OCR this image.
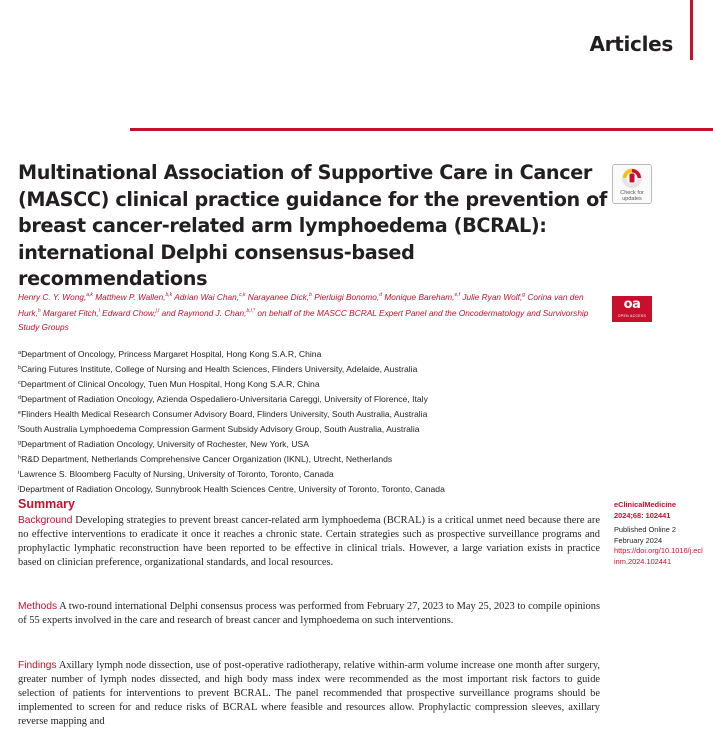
Articles
Multinational Association of Supportive Care in Cancer (MASCC) clinical practice guidance for the prevention of breast cancer-related arm lymphoedema (BCRAL): international Delphi consensus-based recommendations
Check for updates
Henry C. Y. Wong,$^{a,k}$ Matthew P. Wallen,$^{b,k}$ Adrian Wai Chan,$^{c,k}$ Narayanee Dick,$^b$ Pierluigi Bonomo,$^d$ Monique Bareham,$^{e,f}$ Julie Ryan Wolf,$^g$ Corina van den Hurk,$^h$ Margaret Fitch,$^i$ Edward Chow,$^{j,l}$ and Raymond J. Chan,$^{b,l,*}$ on behalf of the MASCC BCRAL Expert Panel and the Oncodermatology and Survivorship Study Groups
oa
OPEN ACCESS
$^a$Department of Oncology, Princess Margaret Hospital, Hong Kong S.A.R, China
$^b$Caring Futures Institute, College of Nursing and Health Sciences, Flinders University, Adelaide, Australia
$^c$Department of Clinical Oncology, Tuen Mun Hospital, Hong Kong S.A.R, China
$^d$Department of Radiation Oncology, Azienda Ospedaliero-Universitaria Careggi, University of Florence, Italy
$^e$Flinders Health Medical Research Consumer Advisory Board, Flinders University, South Australia, Australia
$^f$South Australia Lymphoedema Compression Garment Subsidy Advisory Group, South Australia, Australia
$^g$Department of Radiation Oncology, University of Rochester, New York, USA
$^h$R&D Department, Netherlands Comprehensive Cancer Organization (IKNL), Utrecht, Netherlands
$^i$Lawrence S. Bloomberg Faculty of Nursing, University of Toronto, Toronto, Canada
$^j$Department of Radiation Oncology, Sunnybrook Health Sciences Centre, University of Toronto, Toronto, Canada
Summary

Background Developing strategies to prevent breast cancer-related arm lymphoedema (BCRAL) is a critical unmet need because there are no effective interventions to eradicate it once it reaches a chronic state. Certain strategies such as prospective surveillance programs and prophylactic lymphatic reconstruction have been reported to be effective in clinical trials. However, a large variation exists in practice based on clinician preference, organizational standards, and local resources.

Methods A two-round international Delphi consensus process was performed from February 27, 2023 to May 25, 2023 to compile opinions of 55 experts involved in the care and research of breast cancer and lymphoedema on such interventions.

Findings Axillary lymph node dissection, use of post-operative radiotherapy, relative within-arm volume increase one month after surgery, greater number of lymph nodes dissected, and high body mass index were recommended as the most important risk factors to guide selection of patients for interventions to prevent BCRAL. The panel recommended that prospective surveillance programs should be implemented to screen for and reduce risks of BCRAL where feasible and resources allow. Prophylactic compression sleeves, axillary reverse mapping and

eClinicalMedicine
2024;68: 102441
Published Online 2
February 2024
https://doi.org/10.1016/j.eclinm.2024.102441
